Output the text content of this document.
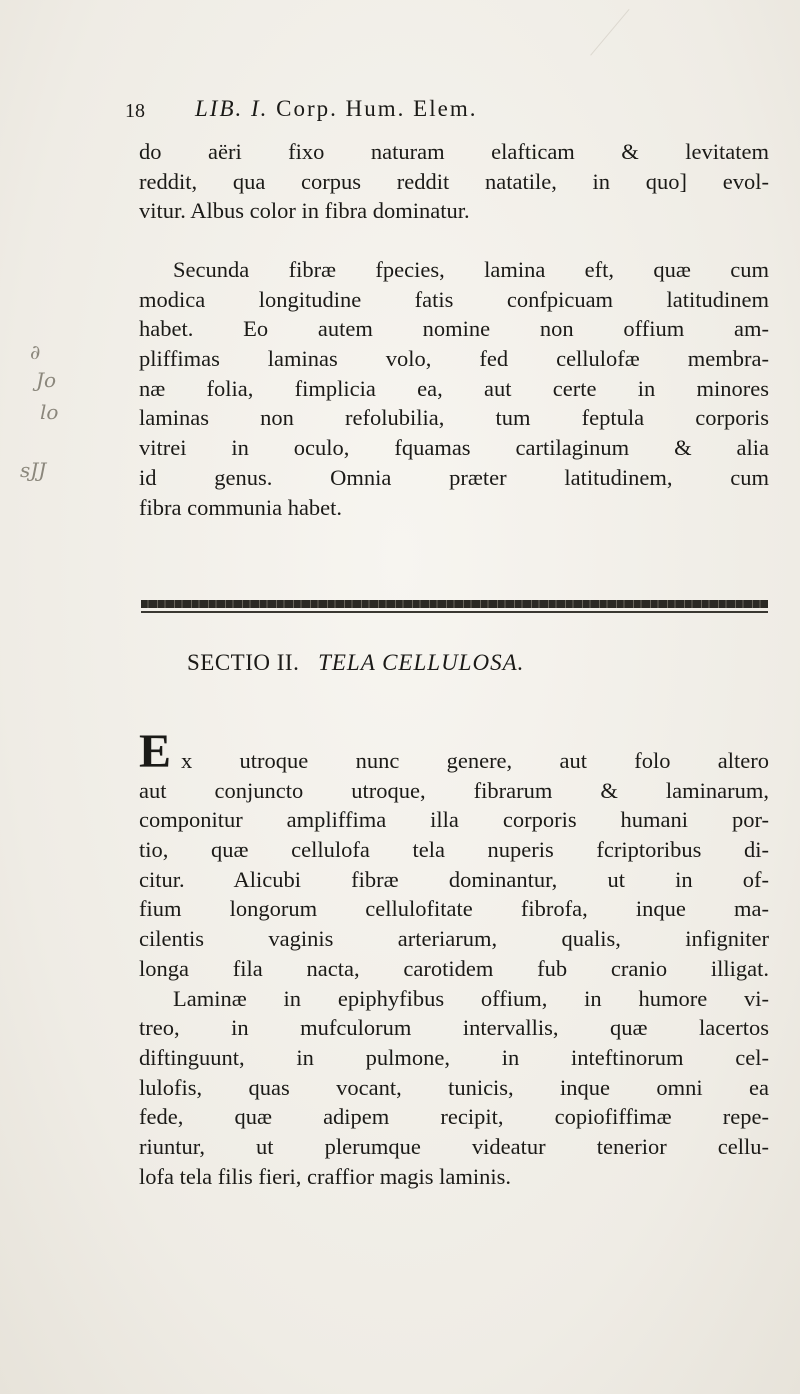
18 LIB. I. Corp. Hum. Elem.
∂
Jo
lo
sJJ
do aëri fixo naturam elafticam & levitatem
reddit, qua corpus reddit natatile, in quo] evol-
vitur. Albus color in fibra dominatur.
Secunda fibræ fpecies, lamina eft, quæ cum
modica longitudine fatis confpicuam latitudinem
habet. Eo autem nomine non offium am-
pliffimas laminas volo, fed cellulofæ membra-
næ folia, fimplicia ea, aut certe in minores
laminas non refolubilia, tum feptula corporis
vitrei in oculo, fquamas cartilaginum & alia
id genus. Omnia præter latitudinem, cum
fibra communia habet.
SECTIO II. TELA CELLULOSA.
E x utroque nunc genere, aut folo altero
aut conjuncto utroque, fibrarum & laminarum,
componitur ampliffima illa corporis humani por-
tio, quæ cellulofa tela nuperis fcriptoribus di-
citur. Alicubi fibræ dominantur, ut in of-
fium longorum cellulofitate fibrofa, inque ma-
cilentis vaginis arteriarum, qualis, infigniter
longa fila nacta, carotidem fub cranio illigat.
Laminæ in epiphyfibus offium, in humore vi-
treo, in mufculorum intervallis, quæ lacertos
diftinguunt, in pulmone, in inteftinorum cel-
lulofis, quas vocant, tunicis, inque omni ea
fede, quæ adipem recipit, copiofiffimæ repe-
riuntur, ut plerumque videatur tenerior cellu-
lofa tela filis fieri, craffior magis laminis.
